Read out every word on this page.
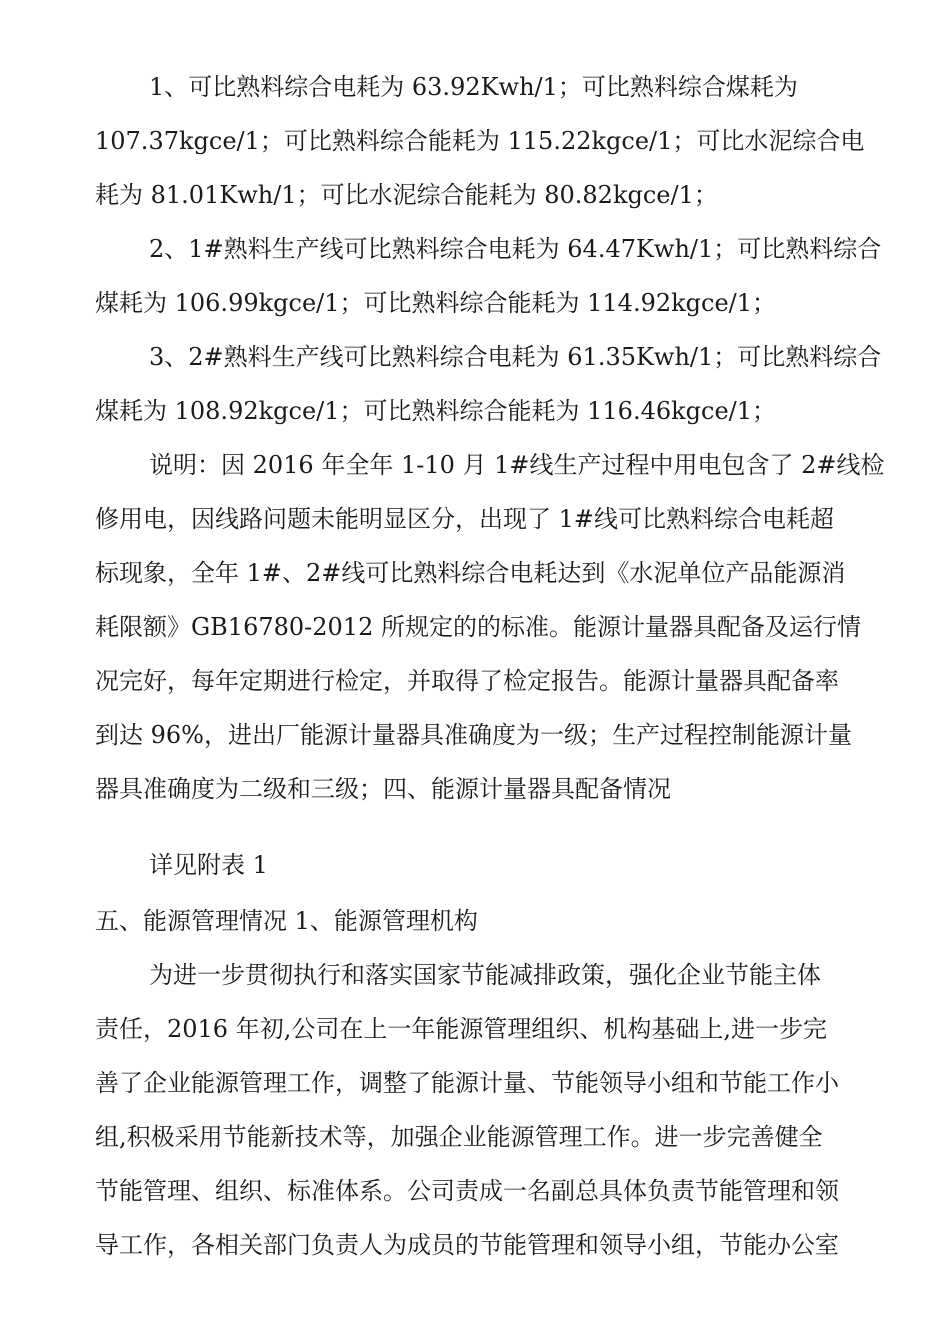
1、可比熟料综合电耗为 63.92Kwh/1；可比熟料综合煤耗为
107.37kgce/1；可比熟料综合能耗为 115.22kgce/1；可比水泥综合电
耗为 81.01Kwh/1；可比水泥综合能耗为 80.82kgce/1；

2、1#熟料生产线可比熟料综合电耗为 64.47Kwh/1；可比熟料综合
煤耗为 106.99kgce/1；可比熟料综合能耗为 114.92kgce/1；

3、2#熟料生产线可比熟料综合电耗为 61.35Kwh/1；可比熟料综合
煤耗为 108.92kgce/1；可比熟料综合能耗为 116.46kgce/1；

说明：因 2016 年全年 1-10 月 1#线生产过程中用电包含了 2#线检
修用电，因线路问题未能明显区分，出现了 1#线可比熟料综合电耗超
标现象，全年 1#、2#线可比熟料综合电耗达到《水泥单位产品能源消
耗限额》GB16780-2012 所规定的的标准。能源计量器具配备及运行情
况完好，每年定期进行检定，并取得了检定报告。能源计量器具配备率
到达 96%，进出厂能源计量器具准确度为一级；生产过程控制能源计量
器具准确度为二级和三级；四、能源计量器具配备情况

详见附表 1

五、能源管理情况 1、能源管理机构

为进一步贯彻执行和落实国家节能减排政策，强化企业节能主体
责任，2016 年初,公司在上一年能源管理组织、机构基础上,进一步完
善了企业能源管理工作，调整了能源计量、节能领导小组和节能工作小
组,积极采用节能新技术等，加强企业能源管理工作。进一步完善健全
节能管理、组织、标准体系。公司责成一名副总具体负责节能管理和领
导工作，各相关部门负责人为成员的节能管理和领导小组，节能办公室
